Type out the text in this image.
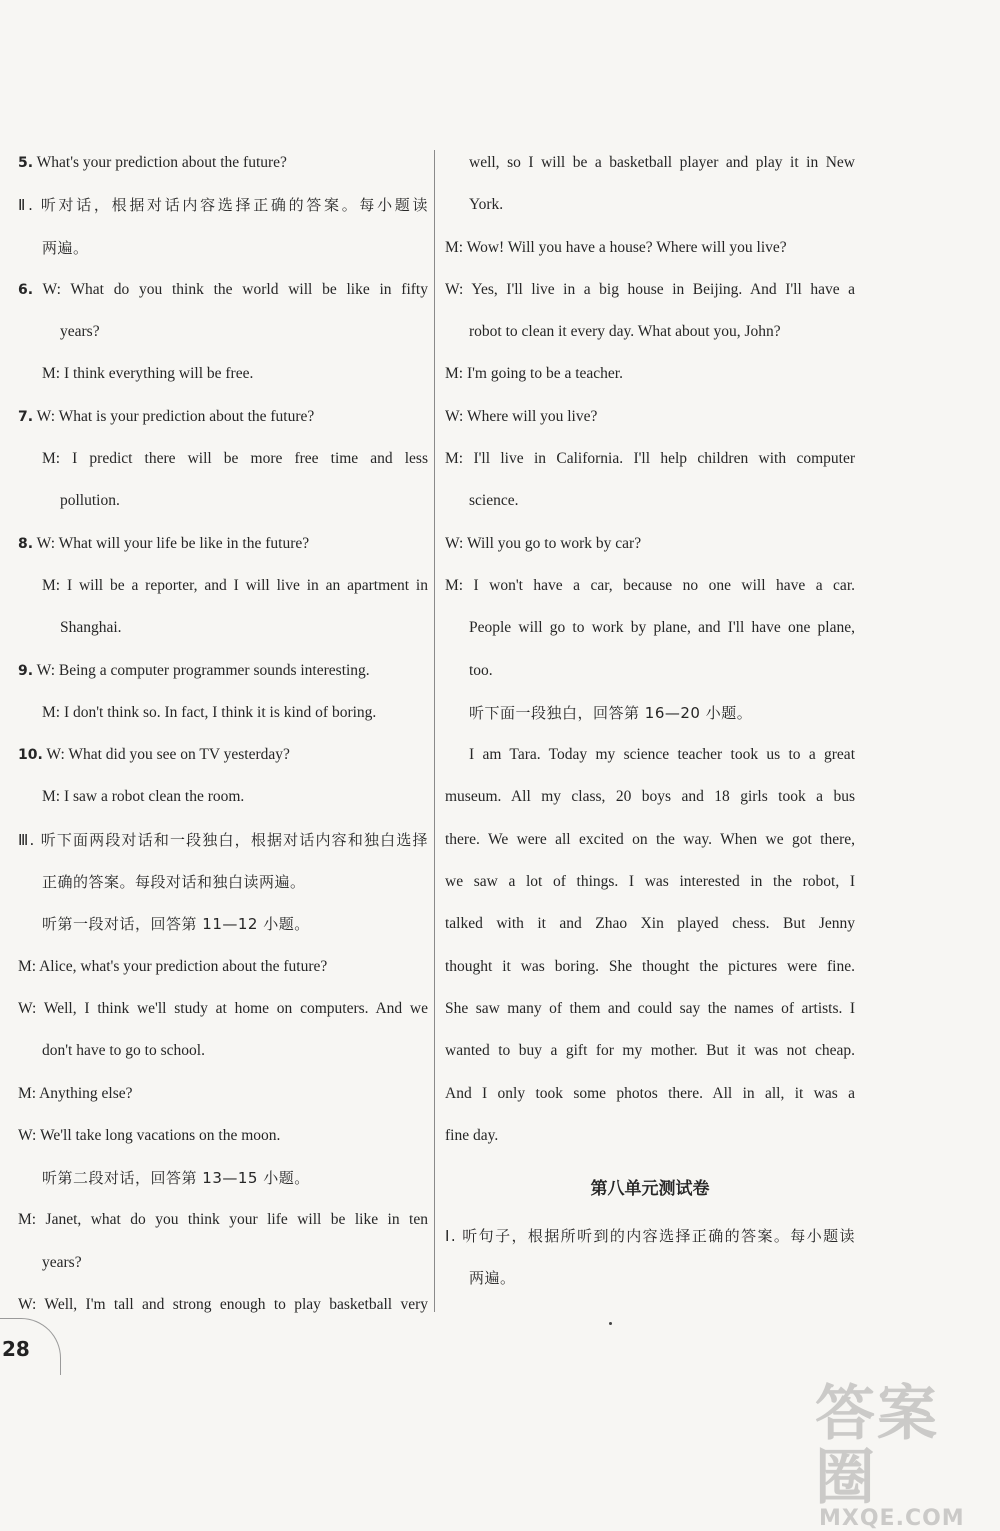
5. What's your prediction about the future?
Ⅱ. 听对话，根据对话内容选择正确的答案。每小题读
两遍。
6. W: What do you think the world will be like in fifty
years?
M: I think everything will be free.
7. W: What is your prediction about the future?
M: I predict there will be more free time and less
pollution.
8. W: What will your life be like in the future?
M: I will be a reporter, and I will live in an apartment in
Shanghai.
9. W: Being a computer programmer sounds interesting.
M: I don't think so. In fact, I think it is kind of boring.
10. W: What did you see on TV yesterday?
M: I saw a robot clean the room.
Ⅲ. 听下面两段对话和一段独白，根据对话内容和独白选择
正确的答案。每段对话和独白读两遍。
听第一段对话，回答第 11—12 小题。
M: Alice, what's your prediction about the future?
W: Well, I think we'll study at home on computers. And we
don't have to go to school.
M: Anything else?
W: We'll take long vacations on the moon.
听第二段对话，回答第 13—15 小题。
M: Janet, what do you think your life will be like in ten
years?
W: Well, I'm tall and strong enough to play basketball very
well, so I will be a basketball player and play it in New
York.
M: Wow! Will you have a house? Where will you live?
W: Yes, I'll live in a big house in Beijing. And I'll have a
robot to clean it every day. What about you, John?
M: I'm going to be a teacher.
W: Where will you live?
M: I'll live in California. I'll help children with computer
science.
W: Will you go to work by car?
M: I won't have a car, because no one will have a car.
People will go to work by plane, and I'll have one plane,
too.
听下面一段独白，回答第 16—20 小题。
I am Tara. Today my science teacher took us to a great
museum. All my class, 20 boys and 18 girls took a bus
there. We were all excited on the way. When we got there,
we saw a lot of things. I was interested in the robot, I
talked with it and Zhao Xin played chess. But Jenny
thought it was boring. She thought the pictures were fine.
She saw many of them and could say the names of artists. I
wanted to buy a gift for my mother. But it was not cheap.
And I only took some photos there. All in all, it was a
fine day.
第八单元测试卷
Ⅰ. 听句子，根据所听到的内容选择正确的答案。每小题读
两遍。
28
答案圈
MXQE.COM
